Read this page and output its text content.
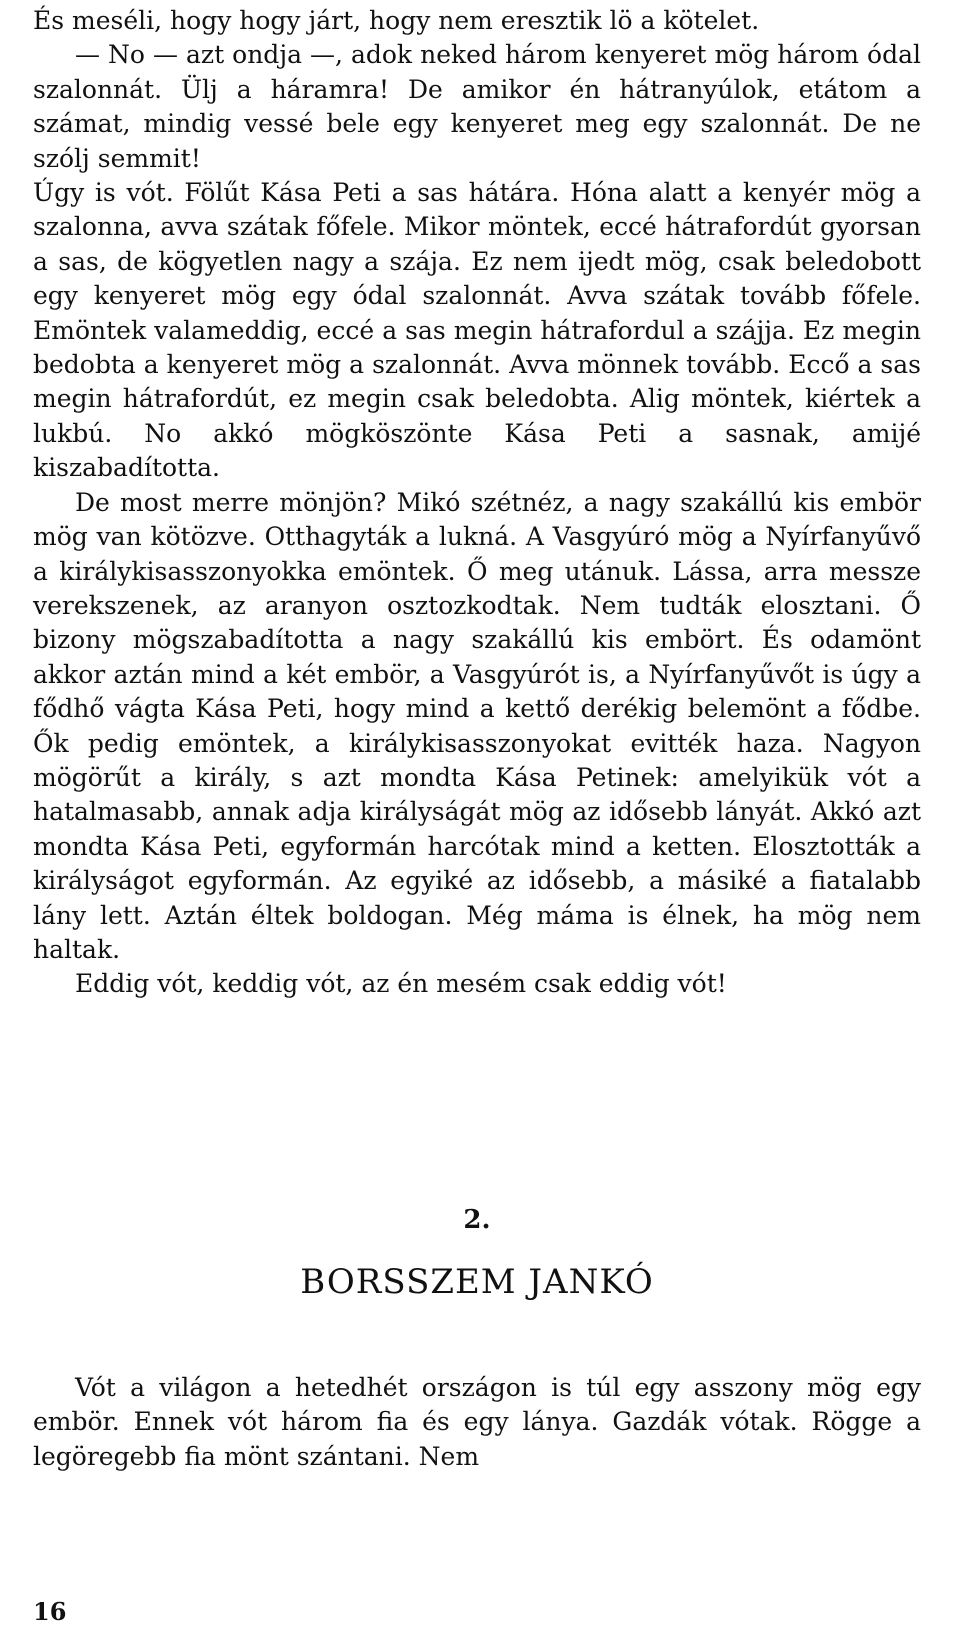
És meséli, hogy hogy járt, hogy nem eresztik lö a kötelet.

— No — azt ondja —, adok neked három kenyeret mög három ódal szalonnát. Ülj a háramra! De amikor én hátranyúlok, etátom a számat, mindig vessé bele egy kenyeret meg egy szalonnát. De ne szólj semmit!

Úgy is vót. Fölűt Kása Peti a sas hátára. Hóna alatt a kenyér mög a szalonna, avva szátak főfele. Mikor möntek, eccé hátrafordút gyorsan a sas, de kögyetlen nagy a szája. Ez nem ijedt mög, csak beledobott egy kenyeret mög egy ódal szalonnát. Avva szátak tovább főfele. Emöntek valameddig, eccé a sas megin hátrafordul a szájja. Ez megin bedobta a kenyeret mög a szalonnát. Avva mönnek tovább. Eccő a sas megin hátrafordút, ez megin csak beledobta. Alig möntek, kiértek a lukbú. No akkó mögköszönte Kása Peti a sasnak, amijé kiszabadította.

De most merre mönjön? Mikó szétnéz, a nagy szakállú kis embör mög van kötözve. Otthagyták a lukná. A Vasgyúró mög a Nyírfanyűvő a királykisasszonyokka emöntek. Ő meg utánuk. Lássa, arra messze verekszenek, az aranyon osztozkodtak. Nem tudták elosztani. Ő bizony mögszabadította a nagy szakállú kis embört. És odamönt akkor aztán mind a két embör, a Vasgyúrót is, a Nyírfanyűvőt is úgy a fődhő vágta Kása Peti, hogy mind a kettő derékig belemönt a fődbe. Ők pedig emöntek, a királykisasszonyokat evitték haza. Nagyon mögörűt a király, s azt mondta Kása Petinek: amelyikük vót a hatalmasabb, annak adja királyságát mög az idősebb lányát. Akkó azt mondta Kása Peti, egyformán harcótak mind a ketten. Elosztották a királyságot egyformán. Az egyiké az idősebb, a másiké a fiatalabb lány lett. Aztán éltek boldogan. Még máma is élnek, ha mög nem haltak.

Eddig vót, keddig vót, az én mesém csak eddig vót!

2.
BORSSZEM JANKÓ

Vót a világon a hetedhét országon is túl egy asszony mög egy embör. Ennek vót három fia és egy lánya. Gazdák vótak. Rögge a legöregebb fia mönt szántani. Nem

16
